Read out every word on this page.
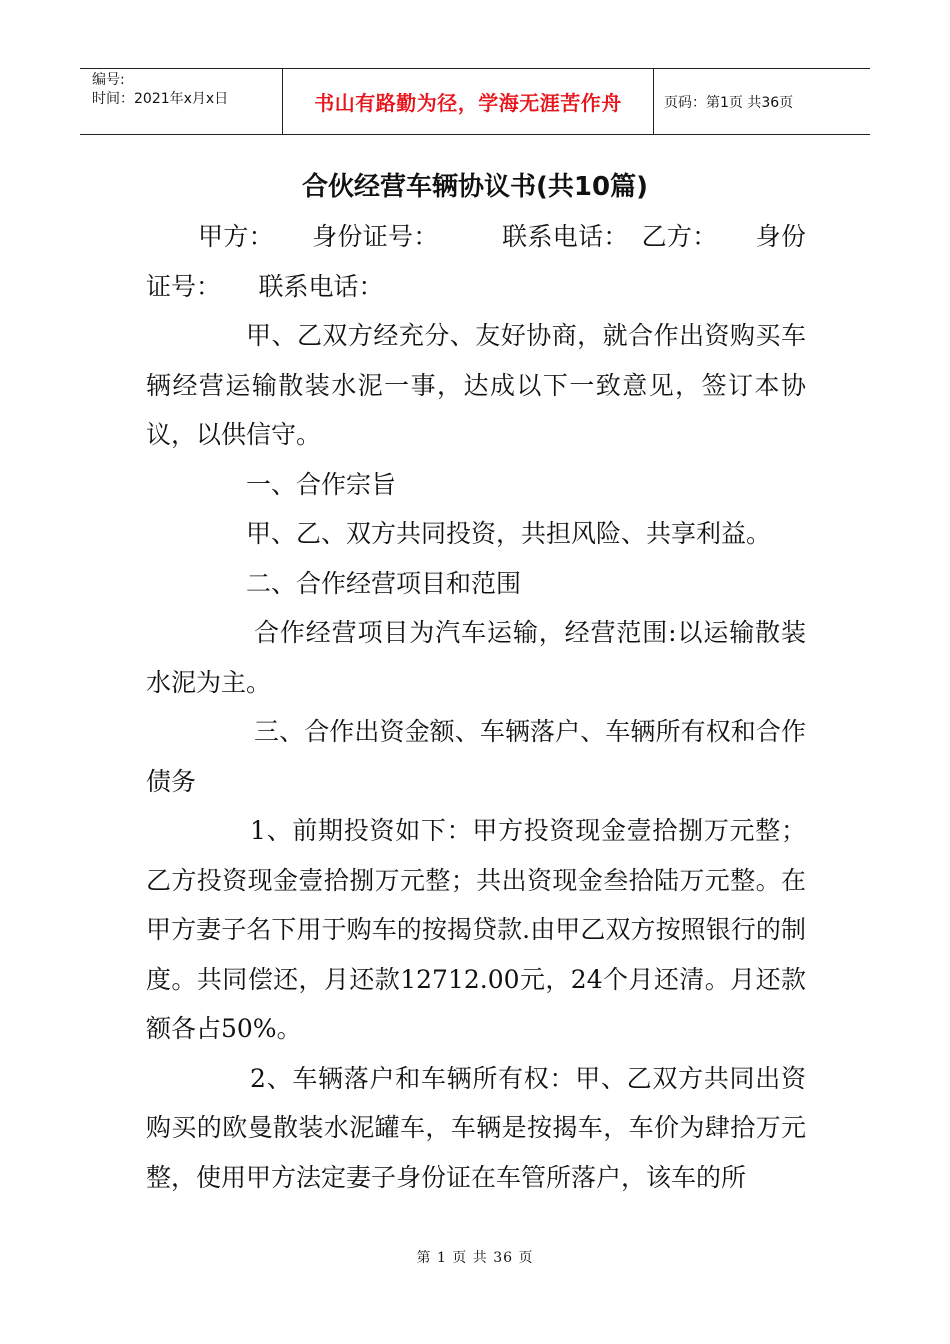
编号:
时间：2021年x月x日	书山有路勤为径，学海无涯苦作舟	页码：第1页 共36页
合伙经营车辆协议书(共10篇)

甲方：　　身份证号：　　　联系电话：　乙方：　　身份证号：　　联系电话：

甲、乙双方经充分、友好协商，就合作出资购买车辆经营运输散装水泥一事，达成以下一致意见，签订本协议，以供信守。

一、合作宗旨

甲、乙、双方共同投资，共担风险、共享利益。

二、合作经营项目和范围

合作经营项目为汽车运输，经营范围:以运输散装水泥为主。

三、合作出资金额、车辆落户、车辆所有权和合作债务

1、前期投资如下：甲方投资现金壹拾捌万元整；乙方投资现金壹拾捌万元整；共出资现金叁拾陆万元整。在甲方妻子名下用于购车的按揭贷款.由甲乙双方按照银行的制度。共同偿还，月还款12712.00元，24个月还清。月还款额各占50%。

2、车辆落户和车辆所有权：甲、乙双方共同出资购买的欧曼散装水泥罐车，车辆是按揭车，车价为肆拾万元整，使用甲方法定妻子身份证在车管所落户，该车的所

第 1 页 共 36 页
